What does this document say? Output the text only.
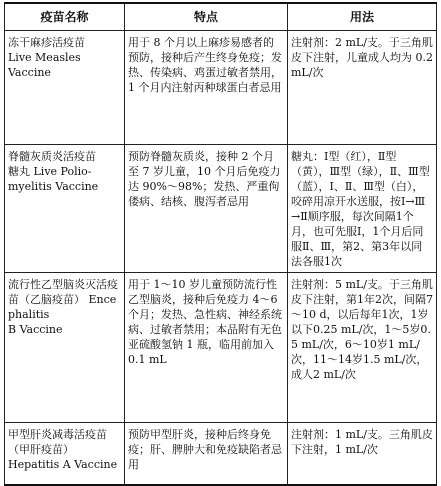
疫苗名称	特点	用法

冻干麻疹活疫苗
Live Measles
Vaccine	用于 8 个月以上麻疹易感者的预防，接种后产生终身免疫；发热、传染病、鸡蛋过敏者禁用，1 个月内注射丙种球蛋白者忌用	注射剂：2 mL/支。于三角肌皮下注射，儿童成人均为 0.2 mL/次

脊髓灰质炎活疫苗
糖丸 Live Polio-
myelitis Vaccine	预防脊髓灰质炎，接种 2 个月至 7 岁儿童，10 个月后免疫力达 90%～98%；发热、严重佝偻病、结核、腹泻者忌用	糖丸：Ⅰ型（红），Ⅱ型（黄），Ⅲ型（绿），Ⅱ、Ⅲ型（蓝），Ⅰ、Ⅱ、Ⅲ型（白），咬碎用凉开水送服，按Ⅰ→Ⅲ→Ⅱ顺序服，每次间隔1个月，也可先服Ⅰ，1个月后同服Ⅱ、Ⅲ，第2、第3年以同法各服1次

流行性乙型脑炎灭活疫苗（乙脑疫苗） Encephalitis
B Vaccine	用于 1～10 岁儿童预防流行性乙型脑炎，接种后免疫力 4～6 个月；发热、急性病、神经系统病、过敏者禁用；本品附有无色亚硫酸氢钠 1 瓶，临用前加入 0.1 mL	注射剂：5 mL/支。于三角肌皮下注射，第1年2次，间隔7～10 d，以后每年1次，1岁以下0.25 mL/次，1～5岁0.5 mL/次，6～10岁1 mL/次，11～14岁1.5 mL/次，成人2 mL/次

甲型肝炎减毒活疫苗（甲肝疫苗）
Hepatitis A Vaccine	预防甲型肝炎，接种后终身免疫；肝、脾肿大和免疫缺陷者忌用	注射剂：1 mL/支。三角肌皮下注射，1 mL/次
